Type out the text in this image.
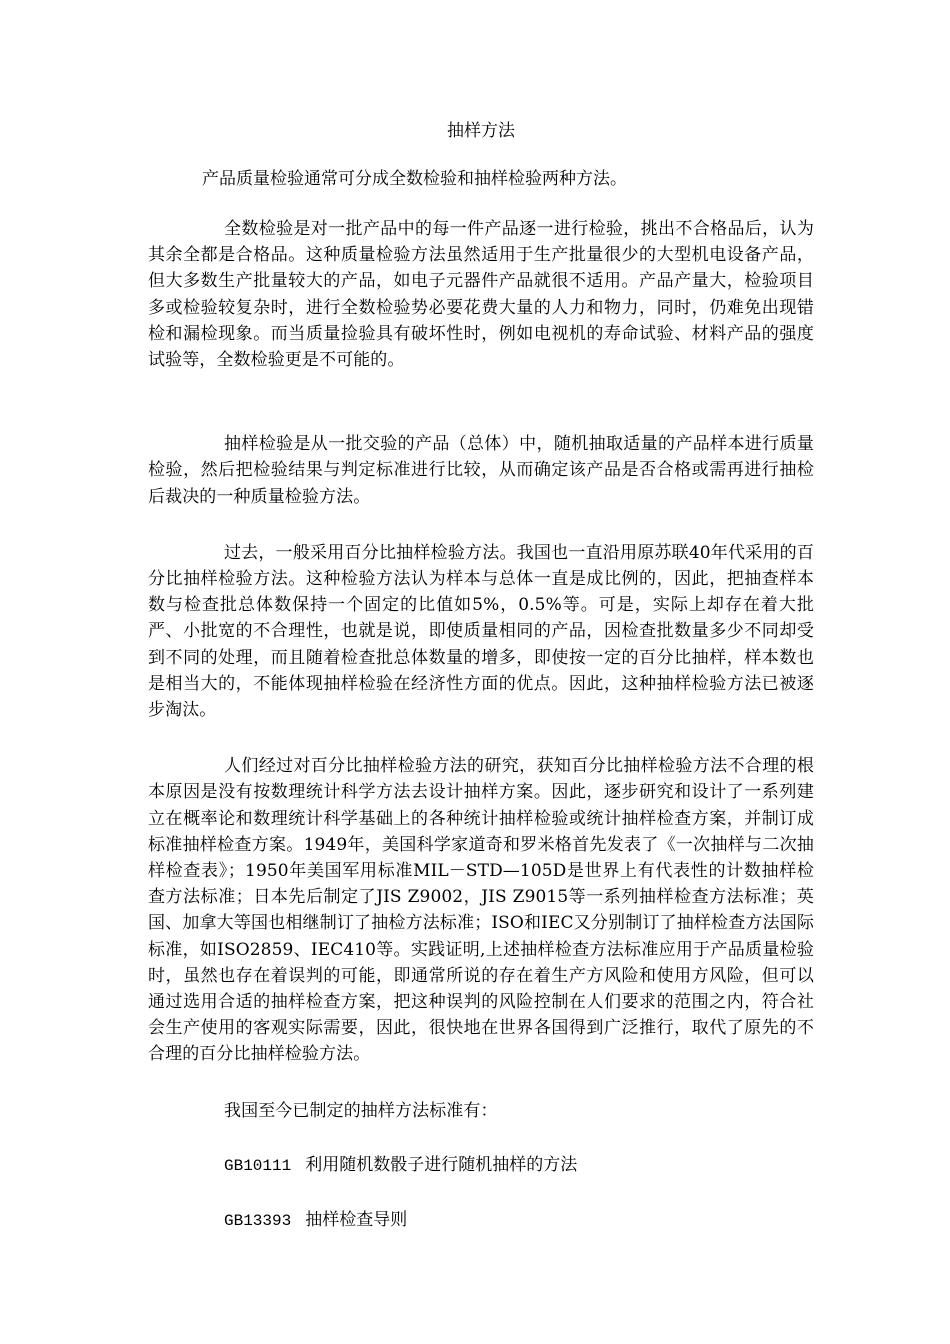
抽样方法
产品质量检验通常可分成全数检验和抽样检验两种方法。

全数检验是对一批产品中的每一件产品逐一进行检验，挑出不合格品后，认为其余全都是合格品。这种质量检验方法虽然适用于生产批量很少的大型机电设备产品，但大多数生产批量较大的产品，如电子元器件产品就很不适用。产品产量大，检验项目多或检验较复杂时，进行全数检验势必要花费大量的人力和物力，同时，仍难免出现错检和漏检现象。而当质量捡验具有破坏性时，例如电视机的寿命试验、材料产品的强度试验等，全数检验更是不可能的。

抽样检验是从一批交验的产品（总体）中，随机抽取适量的产品样本进行质量检验，然后把检验结果与判定标准进行比较，从而确定该产品是否合格或需再进行抽检后裁决的一种质量检验方法。

过去，一般采用百分比抽样检验方法。我国也一直沿用原苏联40年代采用的百分比抽样检验方法。这种检验方法认为样本与总体一直是成比例的，因此，把抽查样本数与检查批总体数保持一个固定的比值如5%，0.5%等。可是，实际上却存在着大批严、小批宽的不合理性，也就是说，即使质量相同的产品，因检查批数量多少不同却受到不同的处理，而且随着检查批总体数量的增多，即使按一定的百分比抽样，样本数也是相当大的，不能体现抽样检验在经济性方面的优点。因此，这种抽样检验方法已被逐步淘汰。

人们经过对百分比抽样检验方法的研究，获知百分比抽样检验方法不合理的根本原因是没有按数理统计科学方法去设计抽样方案。因此，逐步研究和设计了一系列建立在概率论和数理统计科学基础上的各种统计抽样检验或统计抽样检查方案，并制订成标准抽样检查方案。1949年，美国科学家道奇和罗米格首先发表了《一次抽样与二次抽样检查表》；1950年美国军用标准MIL－STD—105D是世界上有代表性的计数抽样检查方法标准；日本先后制定了JIS Z9002，JIS Z9015等一系列抽样检查方法标准；英国、加拿大等国也相继制订了抽检方法标准；ISO和IEC又分别制订了抽样检查方法国际标准，如ISO2859、IEC410等。实践证明,上述抽样检查方法标准应用于产品质量检验时，虽然也存在着误判的可能，即通常所说的存在着生产方风险和使用方风险，但可以通过选用合适的抽样检查方案，把这种误判的风险控制在人们要求的范围之内，符合社会生产使用的客观实际需要，因此，很快地在世界各国得到广泛推行，取代了原先的不合理的百分比抽样检验方法。

我国至今已制定的抽样方法标准有：

GB10111 利用随机数骰子进行随机抽样的方法
GB13393 抽样检查导则
